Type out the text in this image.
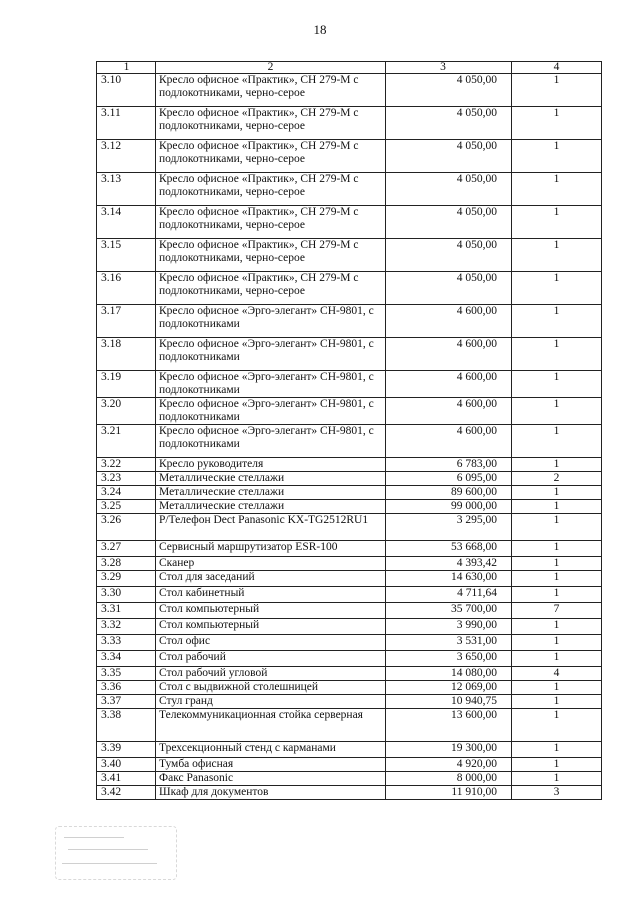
18
1	2	3	4
3.10	Кресло офисное «Практик», СН 279-М с подлокотниками, черно-серое	4 050,00	1
3.11	Кресло офисное «Практик», СН 279-М с подлокотниками, черно-серое	4 050,00	1
3.12	Кресло офисное «Практик», СН 279-М с подлокотниками, черно-серое	4 050,00	1
3.13	Кресло офисное «Практик», СН 279-М с подлокотниками, черно-серое	4 050,00	1
3.14	Кресло офисное «Практик», СН 279-М с подлокотниками, черно-серое	4 050,00	1
3.15	Кресло офисное «Практик», СН 279-М с подлокотниками, черно-серое	4 050,00	1
3.16	Кресло офисное «Практик», СН 279-М с подлокотниками, черно-серое	4 050,00	1
3.17	Кресло офисное «Эрго-элегант» СН-9801, с подлокотниками	4 600,00	1
3.18	Кресло офисное «Эрго-элегант» СН-9801, с подлокотниками	4 600,00	1
3.19	Кресло офисное «Эрго-элегант» СН-9801, с подлокотниками	4 600,00	1
3.20	Кресло офисное «Эрго-элегант» СН-9801, с подлокотниками	4 600,00	1
3.21	Кресло офисное «Эрго-элегант» СН-9801, с подлокотниками	4 600,00	1
3.22	Кресло руководителя	6 783,00	1
3.23	Металлические стеллажи	6 095,00	2
3.24	Металлические стеллажи	89 600,00	1
3.25	Металлические стеллажи	99 000,00	1
3.26	Р/Телефон Dect Panasonic KX-TG2512RU1	3 295,00	1
3.27	Сервисный маршрутизатор ESR-100	53 668,00	1
3.28	Сканер	4 393,42	1
3.29	Стол для заседаний	14 630,00	1
3.30	Стол кабинетный	4 711,64	1
3.31	Стол компьютерный	35 700,00	7
3.32	Стол компьютерный	3 990,00	1
3.33	Стол офис	3 531,00	1
3.34	Стол рабочий	3 650,00	1
3.35	Стол рабочий угловой	14 080,00	4
3.36	Стол с выдвижной столешницей	12 069,00	1
3.37	Стул гранд	10 940,75	1
3.38	Телекоммуникационная стойка серверная	13 600,00	1
3.39	Трехсекционный стенд с карманами	19 300,00	1
3.40	Тумба офисная	4 920,00	1
3.41	Факс Panasonic	8 000,00	1
3.42	Шкаф для документов	11 910,00	3
